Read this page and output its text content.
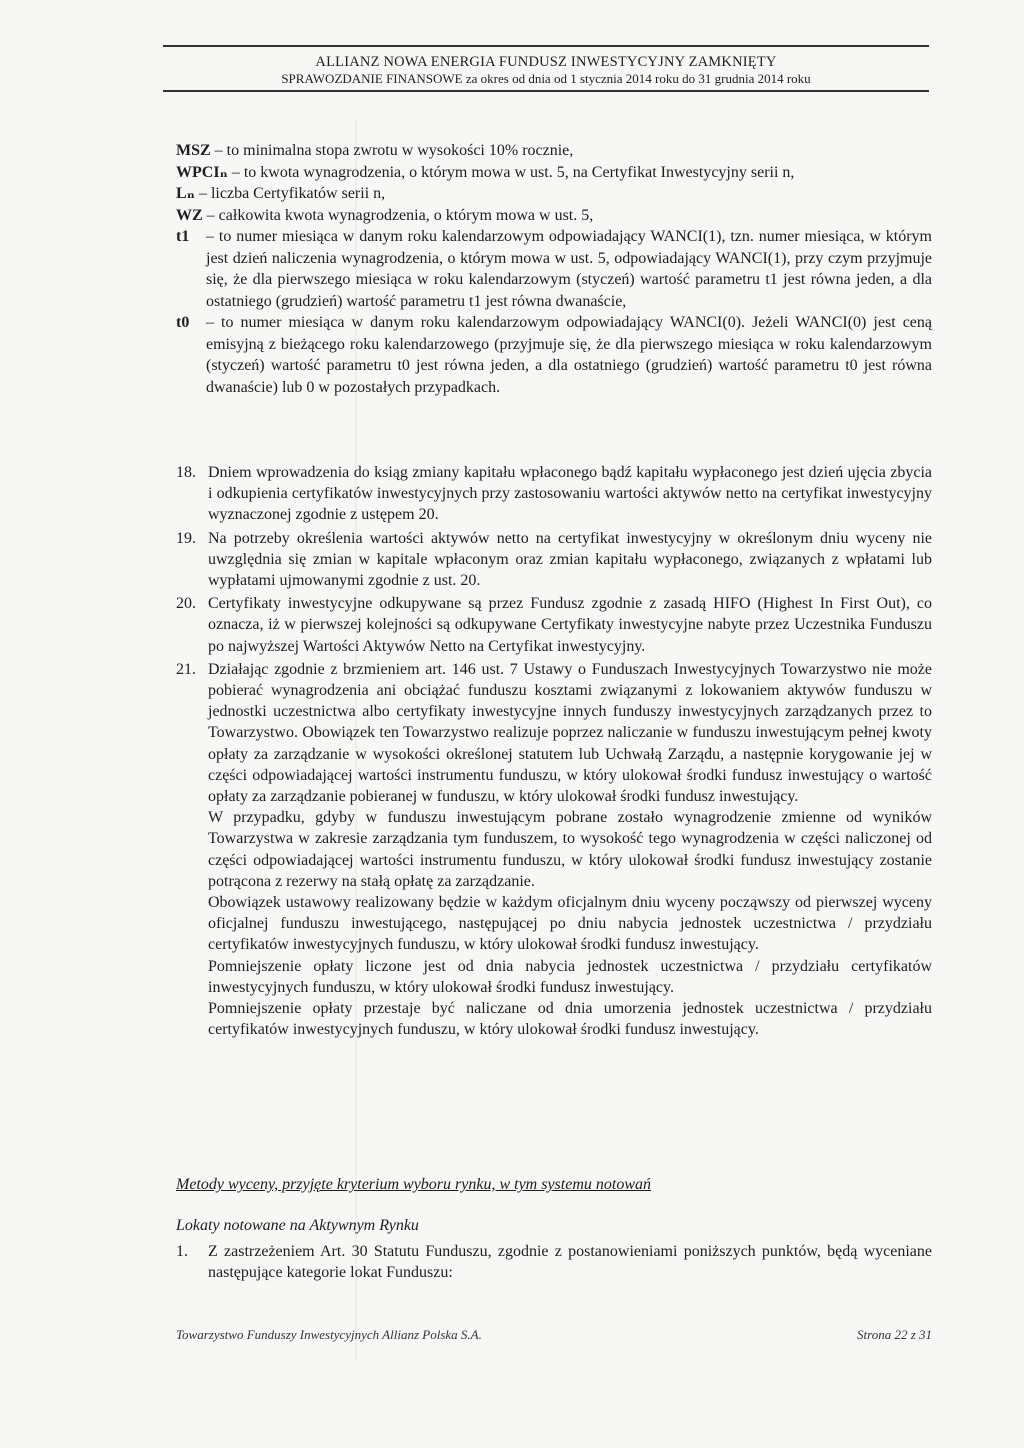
ALLIANZ NOWA ENERGIA FUNDUSZ INWESTYCYJNY ZAMKNIĘTY
SPRAWOZDANIE FINANSOWE za okres od dnia od 1 stycznia 2014 roku do 31 grudnia 2014 roku

MSZ – to minimalna stopa zwrotu w wysokości 10% rocznie,

WPCIₙ – to kwota wynagrodzenia, o którym mowa w ust. 5, na Certyfikat Inwestycyjny serii n,

Lₙ – liczba Certyfikatów serii n,

WZ – całkowita kwota wynagrodzenia, o którym mowa w ust. 5,

t1 – to numer miesiąca w danym roku kalendarzowym odpowiadający WANCI(1), tzn. numer miesiąca, w którym jest dzień naliczenia wynagrodzenia, o którym mowa w ust. 5, odpowiadający WANCI(1), przy czym przyjmuje się, że dla pierwszego miesiąca w roku kalendarzowym (styczeń) wartość parametru t1 jest równa jeden, a dla ostatniego (grudzień) wartość parametru t1 jest równa dwanaście,

t0 – to numer miesiąca w danym roku kalendarzowym odpowiadający WANCI(0). Jeżeli WANCI(0) jest ceną emisyjną z bieżącego roku kalendarzowego (przyjmuje się, że dla pierwszego miesiąca w roku kalendarzowym (styczeń) wartość parametru t0 jest równa jeden, a dla ostatniego (grudzień) wartość parametru t0 jest równa dwanaście) lub 0 w pozostałych przypadkach.

18. Dniem wprowadzenia do ksiąg zmiany kapitału wpłaconego bądź kapitału wypłaconego jest dzień ujęcia zbycia i odkupienia certyfikatów inwestycyjnych przy zastosowaniu wartości aktywów netto na certyfikat inwestycyjny wyznaczonej zgodnie z ustępem 20.

19. Na potrzeby określenia wartości aktywów netto na certyfikat inwestycyjny w określonym dniu wyceny nie uwzględnia się zmian w kapitale wpłaconym oraz zmian kapitału wypłaconego, związanych z wpłatami lub wypłatami ujmowanymi zgodnie z ust. 20.

20. Certyfikaty inwestycyjne odkupywane są przez Fundusz zgodnie z zasadą HIFO (Highest In First Out), co oznacza, iż w pierwszej kolejności są odkupywane Certyfikaty inwestycyjne nabyte przez Uczestnika Funduszu po najwyższej Wartości Aktywów Netto na Certyfikat inwestycyjny.

21. Działając zgodnie z brzmieniem art. 146 ust. 7 Ustawy o Funduszach Inwestycyjnych Towarzystwo nie może pobierać wynagrodzenia ani obciążać funduszu kosztami związanymi z lokowaniem aktywów funduszu w jednostki uczestnictwa albo certyfikaty inwestycyjne innych funduszy inwestycyjnych zarządzanych przez to Towarzystwo. Obowiązek ten Towarzystwo realizuje poprzez naliczanie w funduszu inwestującym pełnej kwoty opłaty za zarządzanie w wysokości określonej statutem lub Uchwałą Zarządu, a następnie korygowanie jej w części odpowiadającej wartości instrumentu funduszu, w który ulokował środki fundusz inwestujący o wartość opłaty za zarządzanie pobieranej w funduszu, w który ulokował środki fundusz inwestujący.

W przypadku, gdyby w funduszu inwestującym pobrane zostało wynagrodzenie zmienne od wyników Towarzystwa w zakresie zarządzania tym funduszem, to wysokość tego wynagrodzenia w części naliczonej od części odpowiadającej wartości instrumentu funduszu, w który ulokował środki fundusz inwestujący zostanie potrącona z rezerwy na stałą opłatę za zarządzanie.

Obowiązek ustawowy realizowany będzie w każdym oficjalnym dniu wyceny począwszy od pierwszej wyceny oficjalnej funduszu inwestującego, następującej po dniu nabycia jednostek uczestnictwa / przydziału certyfikatów inwestycyjnych funduszu, w który ulokował środki fundusz inwestujący.

Pomniejszenie opłaty liczone jest od dnia nabycia jednostek uczestnictwa / przydziału certyfikatów inwestycyjnych funduszu, w który ulokował środki fundusz inwestujący.

Pomniejszenie opłaty przestaje być naliczane od dnia umorzenia jednostek uczestnictwa / przydziału certyfikatów inwestycyjnych funduszu, w który ulokował środki fundusz inwestujący.

Metody wyceny, przyjęte kryterium wyboru rynku, w tym systemu notowań
Lokaty notowane na Aktywnym Rynku
1. Z zastrzeżeniem Art. 30 Statutu Funduszu, zgodnie z postanowieniami poniższych punktów, będą wyceniane następujące kategorie lokat Funduszu:
Towarzystwo Funduszy Inwestycyjnych Allianz Polska S.A.	Strona 22 z 31
